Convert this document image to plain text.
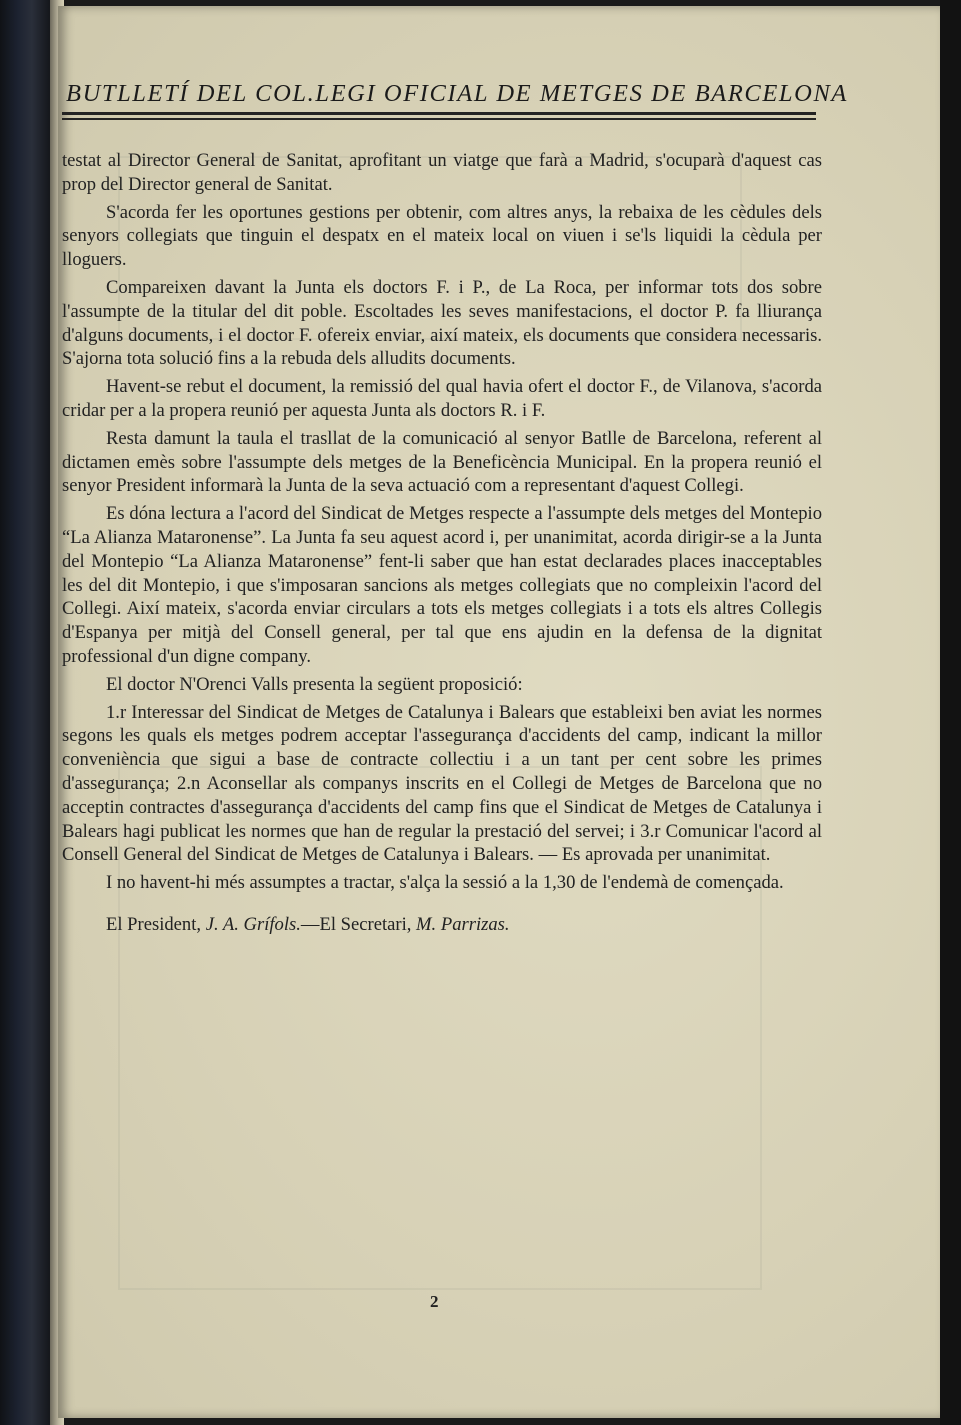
BUTLLETÍ DEL COL.LEGI OFICIAL DE METGES DE BARCELONA

testat al Director General de Sanitat, aprofitant un viatge que farà a Madrid, s'ocuparà d'aquest cas prop del Director general de Sanitat.

S'acorda fer les oportunes gestions per obtenir, com altres anys, la rebaixa de les cèdules dels senyors collegiats que tinguin el despatx en el mateix local on viuen i se'ls liquidi la cèdula per lloguers.

Compareixen davant la Junta els doctors F. i P., de La Roca, per informar tots dos sobre l'assumpte de la titular del dit poble. Escoltades les seves manifestacions, el doctor P. fa lliurança d'alguns documents, i el doctor F. ofereix enviar, així mateix, els documents que considera necessaris. S'ajorna tota solució fins a la rebuda dels alludits documents.

Havent-se rebut el document, la remissió del qual havia ofert el doctor F., de Vilanova, s'acorda cridar per a la propera reunió per aquesta Junta als doctors R. i F.

Resta damunt la taula el trasllat de la comunicació al senyor Batlle de Barcelona, referent al dictamen emès sobre l'assumpte dels metges de la Beneficència Municipal. En la propera reunió el senyor President informarà la Junta de la seva actuació com a representant d'aquest Collegi.

Es dóna lectura a l'acord del Sindicat de Metges respecte a l'assumpte dels metges del Montepio “La Alianza Mataronense”. La Junta fa seu aquest acord i, per unanimitat, acorda dirigir-se a la Junta del Montepio “La Alianza Mataronense” fent-li saber que han estat declarades places inacceptables les del dit Montepio, i que s'imposaran sancions als metges collegiats que no compleixin l'acord del Collegi. Així mateix, s'acorda enviar circulars a tots els metges collegiats i a tots els altres Collegis d'Espanya per mitjà del Consell general, per tal que ens ajudin en la defensa de la dignitat professional d'un digne company.

El doctor N'Orenci Valls presenta la següent proposició:

1.r Interessar del Sindicat de Metges de Catalunya i Balears que estableixi ben aviat les normes segons les quals els metges podrem acceptar l'assegurança d'accidents del camp, indicant la millor conveniència que sigui a base de contracte collectiu i a un tant per cent sobre les primes d'assegurança; 2.n Aconsellar als companys inscrits en el Collegi de Metges de Barcelona que no acceptin contractes d'assegurança d'accidents del camp fins que el Sindicat de Metges de Catalunya i Balears hagi publicat les normes que han de regular la prestació del servei; i 3.r Comunicar l'acord al Consell General del Sindicat de Metges de Catalunya i Balears. — Es aprovada per unanimitat.

I no havent-hi més assumptes a tractar, s'alça la sessió a la 1,30 de l'endemà de començada.

El President, J. A. Grífols.—El Secretari, M. Parrizas.

2
